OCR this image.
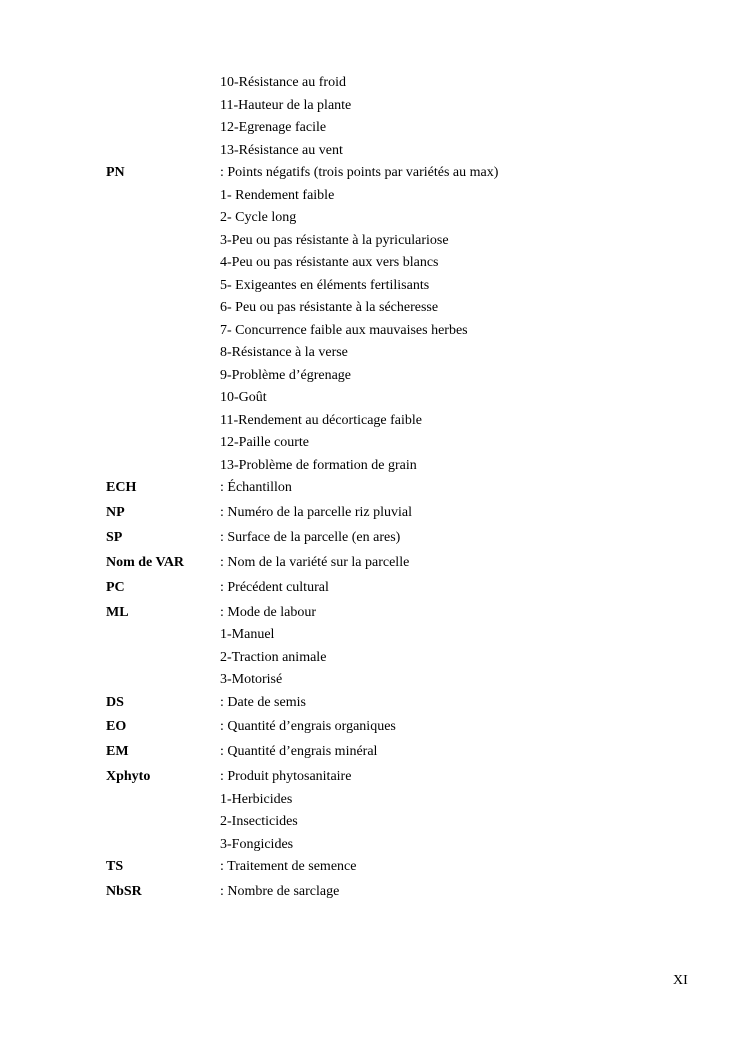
10-Résistance au froid
11-Hauteur de la plante
12-Egrenage facile
13-Résistance au vent
PN	: Points négatifs (trois points par variétés au max)
1- Rendement faible
2- Cycle long
3-Peu ou pas résistante à la pyriculariose
4-Peu ou pas résistante aux vers blancs
5- Exigeantes en éléments fertilisants
6- Peu ou pas résistante à la sécheresse
7- Concurrence faible aux mauvaises herbes
8-Résistance à la verse
9-Problème d’égrenage
10-Goût
11-Rendement au décorticage faible
12-Paille courte
13-Problème de formation de grain
ECH	: Échantillon
NP	: Numéro de la parcelle riz pluvial
SP	: Surface de la parcelle (en ares)
Nom de VAR	: Nom de la variété sur la parcelle
PC	: Précédent cultural
ML	: Mode de labour
1-Manuel
2-Traction animale
3-Motorisé
DS	: Date de semis
EO	: Quantité d’engrais organiques
EM	: Quantité d’engrais minéral
Xphyto	: Produit phytosanitaire
1-Herbicides
2-Insecticides
3-Fongicides
TS	: Traitement de semence
NbSR	: Nombre de sarclage
XI
